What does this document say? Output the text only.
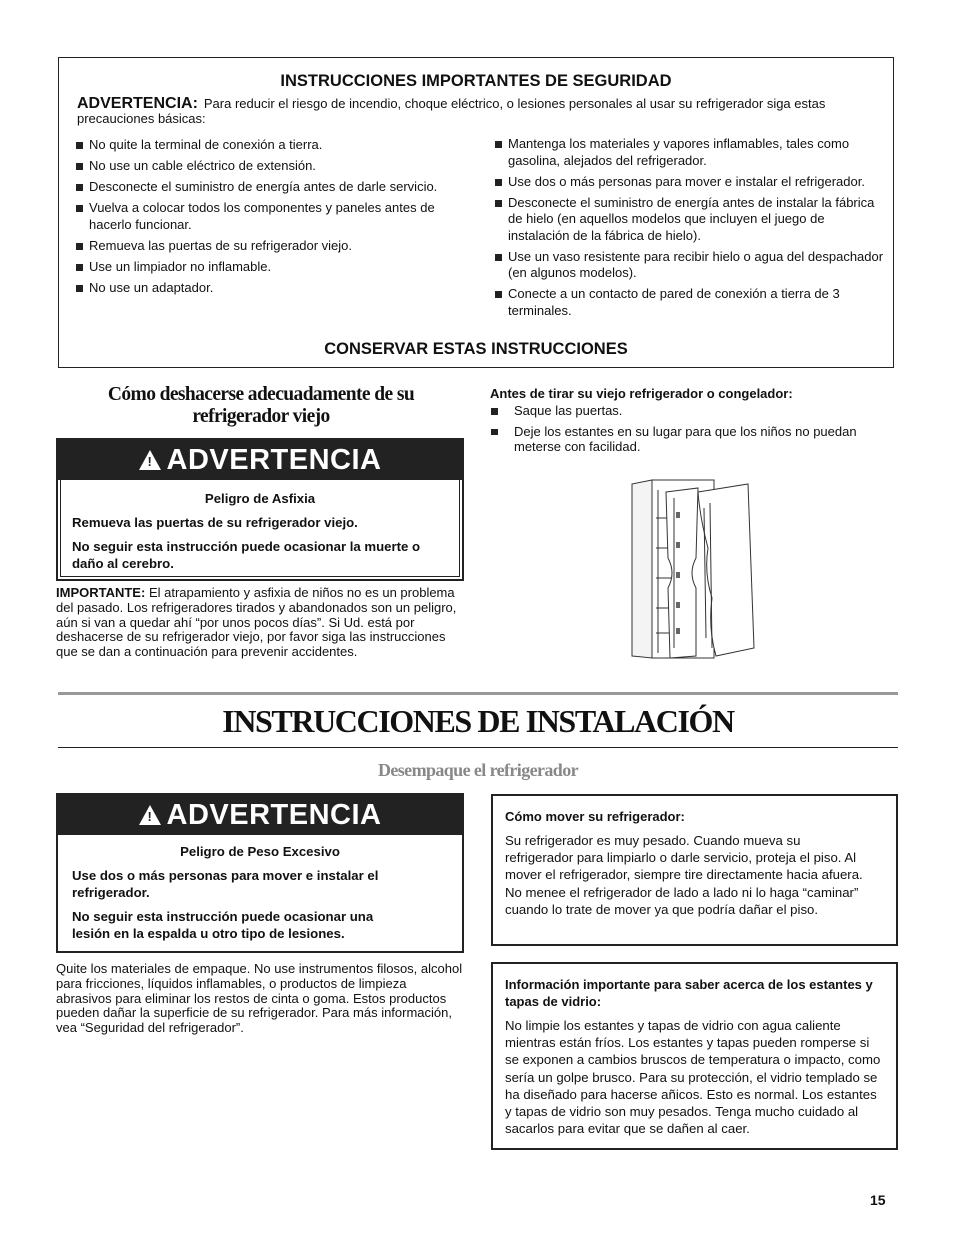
INSTRUCCIONES IMPORTANTES DE SEGURIDAD
ADVERTENCIA: Para reducir el riesgo de incendio, choque eléctrico, o lesiones personales al usar su refrigerador siga estas precauciones básicas:
No quite la terminal de conexión a tierra.
No use un cable eléctrico de extensión.
Desconecte el suministro de energía antes de darle servicio.
Vuelva a colocar todos los componentes y paneles antes de hacerlo funcionar.
Remueva las puertas de su refrigerador viejo.
Use un limpiador no inflamable.
No use un adaptador.
Mantenga los materiales y vapores inflamables, tales como gasolina, alejados del refrigerador.
Use dos o más personas para mover e instalar el refrigerador.
Desconecte el suministro de energía antes de instalar la fábrica de hielo (en aquellos modelos que incluyen el juego de instalación de la fábrica de hielo).
Use un vaso resistente para recibir hielo o agua del despachador (en algunos modelos).
Conecte a un contacto de pared de conexión a tierra de 3 terminales.
CONSERVAR ESTAS INSTRUCCIONES
Cómo deshacerse adecuadamente de su refrigerador viejo
! ADVERTENCIA

Peligro de Asfixia

Remueva las puertas de su refrigerador viejo.

No seguir esta instrucción puede ocasionar la muerte o daño al cerebro.

IMPORTANTE: El atrapamiento y asfixia de niños no es un problema del pasado. Los refrigeradores tirados y abandonados son un peligro, aún si van a quedar ahí “por unos pocos días”. Si Ud. está por deshacerse de su refrigerador viejo, por favor siga las instrucciones que se dan a continuación para prevenir accidentes.
Antes de tirar su viejo refrigerador o congelador:
Saque las puertas.
Deje los estantes en su lugar para que los niños no puedan meterse con facilidad.
INSTRUCCIONES DE INSTALACIÓN
Desempaque el refrigerador
! ADVERTENCIA

Peligro de Peso Excesivo

Use dos o más personas para mover e instalar el refrigerador.

No seguir esta instrucción puede ocasionar una lesión en la espalda u otro tipo de lesiones.

Quite los materiales de empaque. No use instrumentos filosos, alcohol para fricciones, líquidos inflamables, o productos de limpieza abrasivos para eliminar los restos de cinta o goma. Estos productos pueden dañar la superficie de su refrigerador. Para más información, vea “Seguridad del refrigerador”.
Cómo mover su refrigerador:
Su refrigerador es muy pesado. Cuando mueva su refrigerador para limpiarlo o darle servicio, proteja el piso. Al mover el refrigerador, siempre tire directamente hacia afuera. No menee el refrigerador de lado a lado ni lo haga “caminar” cuando lo trate de mover ya que podría dañar el piso.
Información importante para saber acerca de los estantes y tapas de vidrio:
No limpie los estantes y tapas de vidrio con agua caliente mientras están fríos. Los estantes y tapas pueden romperse si se exponen a cambios bruscos de temperatura o impacto, como sería un golpe brusco. Para su protección, el vidrio templado se ha diseñado para hacerse añicos. Esto es normal. Los estantes y tapas de vidrio son muy pesados. Tenga mucho cuidado al sacarlos para evitar que se dañen al caer.
15
